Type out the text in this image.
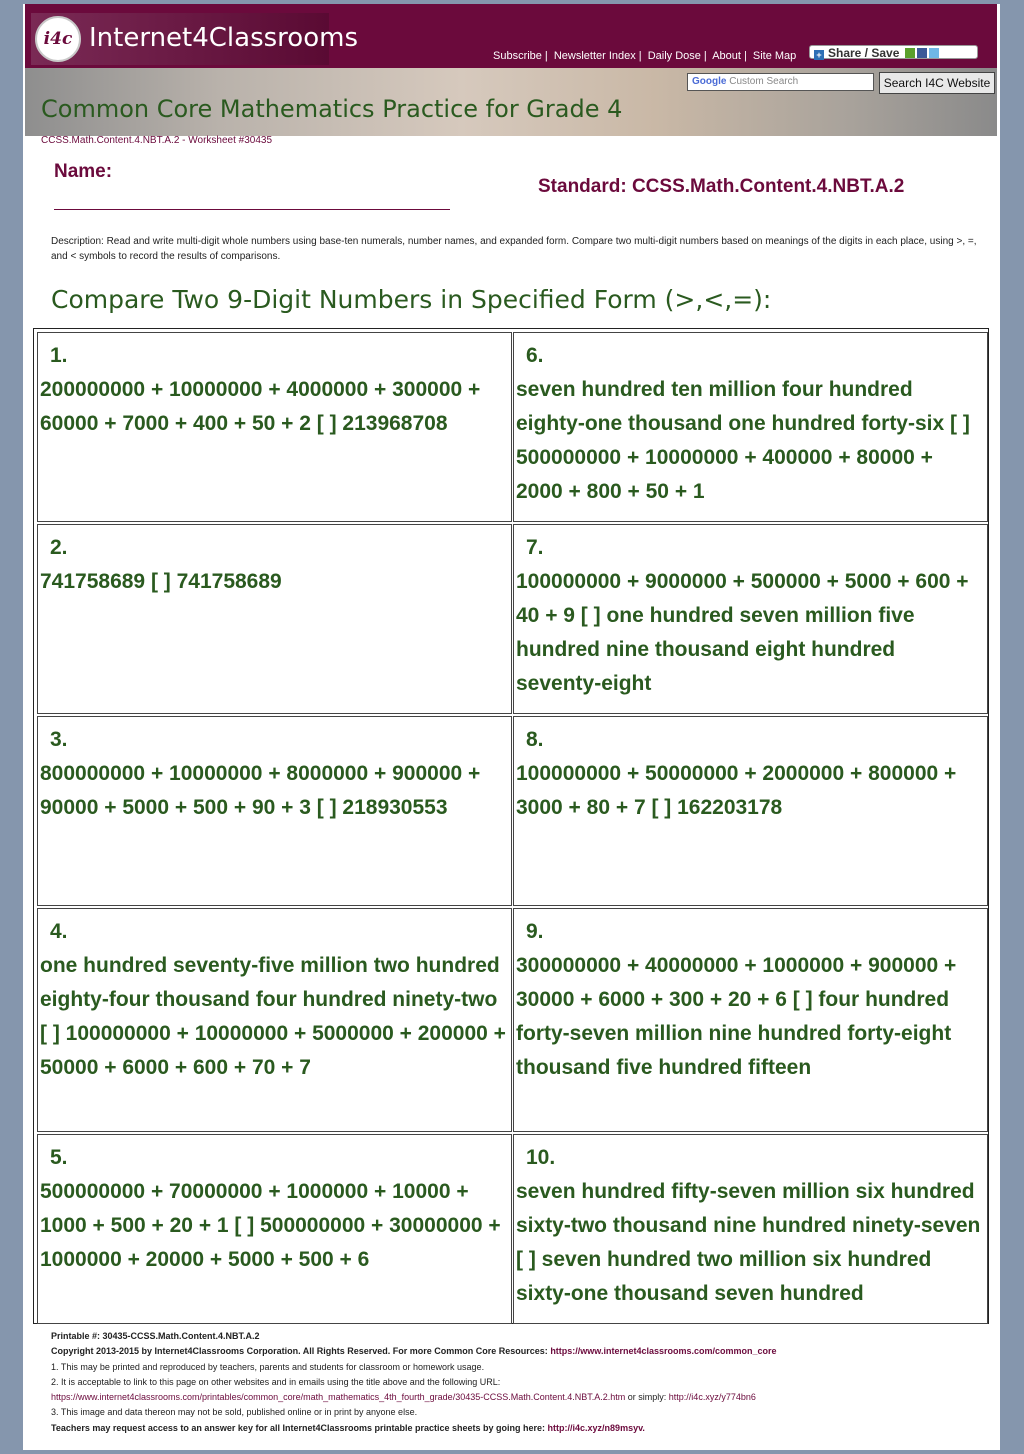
i4c Internet4Classrooms
Subscribe | Newsletter Index | Daily Dose | About | Site Map	+ Share / Save
Google Custom Search	Search I4C Website
Common Core Mathematics Practice for Grade 4
CCSS.Math.Content.4.NBT.A.2 - Worksheet #30435
Name:
Standard: CCSS.Math.Content.4.NBT.A.2
Description: Read and write multi-digit whole numbers using base-ten numerals, number names, and expanded form. Compare two multi-digit numbers based on meanings of the digits in each place, using >, =, and < symbols to record the results of comparisons.
Compare Two 9-Digit Numbers in Specified Form (>,<,=):
1.
200000000 + 10000000 + 4000000 + 300000 + 60000 + 7000 + 400 + 50 + 2 [ ] 213968708
2.
741758689 [ ] 741758689
3.
800000000 + 10000000 + 8000000 + 900000 + 90000 + 5000 + 500 + 90 + 3 [ ] 218930553
4.
one hundred seventy-five million two hundred eighty-four thousand four hundred ninety-two [ ] 100000000 + 10000000 + 5000000 + 200000 + 50000 + 6000 + 600 + 70 + 7
5.
500000000 + 70000000 + 1000000 + 10000 + 1000 + 500 + 20 + 1 [ ] 500000000 + 30000000 + 1000000 + 20000 + 5000 + 500 + 6
6.
seven hundred ten million four hundred eighty-one thousand one hundred forty-six [ ] 500000000 + 10000000 + 400000 + 80000 + 2000 + 800 + 50 + 1
7.
100000000 + 9000000 + 500000 + 5000 + 600 + 40 + 9 [ ] one hundred seven million five hundred nine thousand eight hundred seventy-eight
8.
100000000 + 50000000 + 2000000 + 800000 + 3000 + 80 + 7 [ ] 162203178
9.
300000000 + 40000000 + 1000000 + 900000 + 30000 + 6000 + 300 + 20 + 6 [ ] four hundred forty-seven million nine hundred forty-eight thousand five hundred fifteen
10.
seven hundred fifty-seven million six hundred sixty-two thousand nine hundred ninety-seven [ ] seven hundred two million six hundred sixty-one thousand seven hundred
Printable #: 30435-CCSS.Math.Content.4.NBT.A.2
Copyright 2013-2015 by Internet4Classrooms Corporation. All Rights Reserved. For more Common Core Resources: https://www.internet4classrooms.com/common_core
1. This may be printed and reproduced by teachers, parents and students for classroom or homework usage.
2. It is acceptable to link to this page on other websites and in emails using the title above and the following URL:
https://www.internet4classrooms.com/printables/common_core/math_mathematics_4th_fourth_grade/30435-CCSS.Math.Content.4.NBT.A.2.htm or simply: http://i4c.xyz/y774bn6
3. This image and data thereon may not be sold, published online or in print by anyone else.
Teachers may request access to an answer key for all Internet4Classrooms printable practice sheets by going here: http://i4c.xyz/n89msyv.
